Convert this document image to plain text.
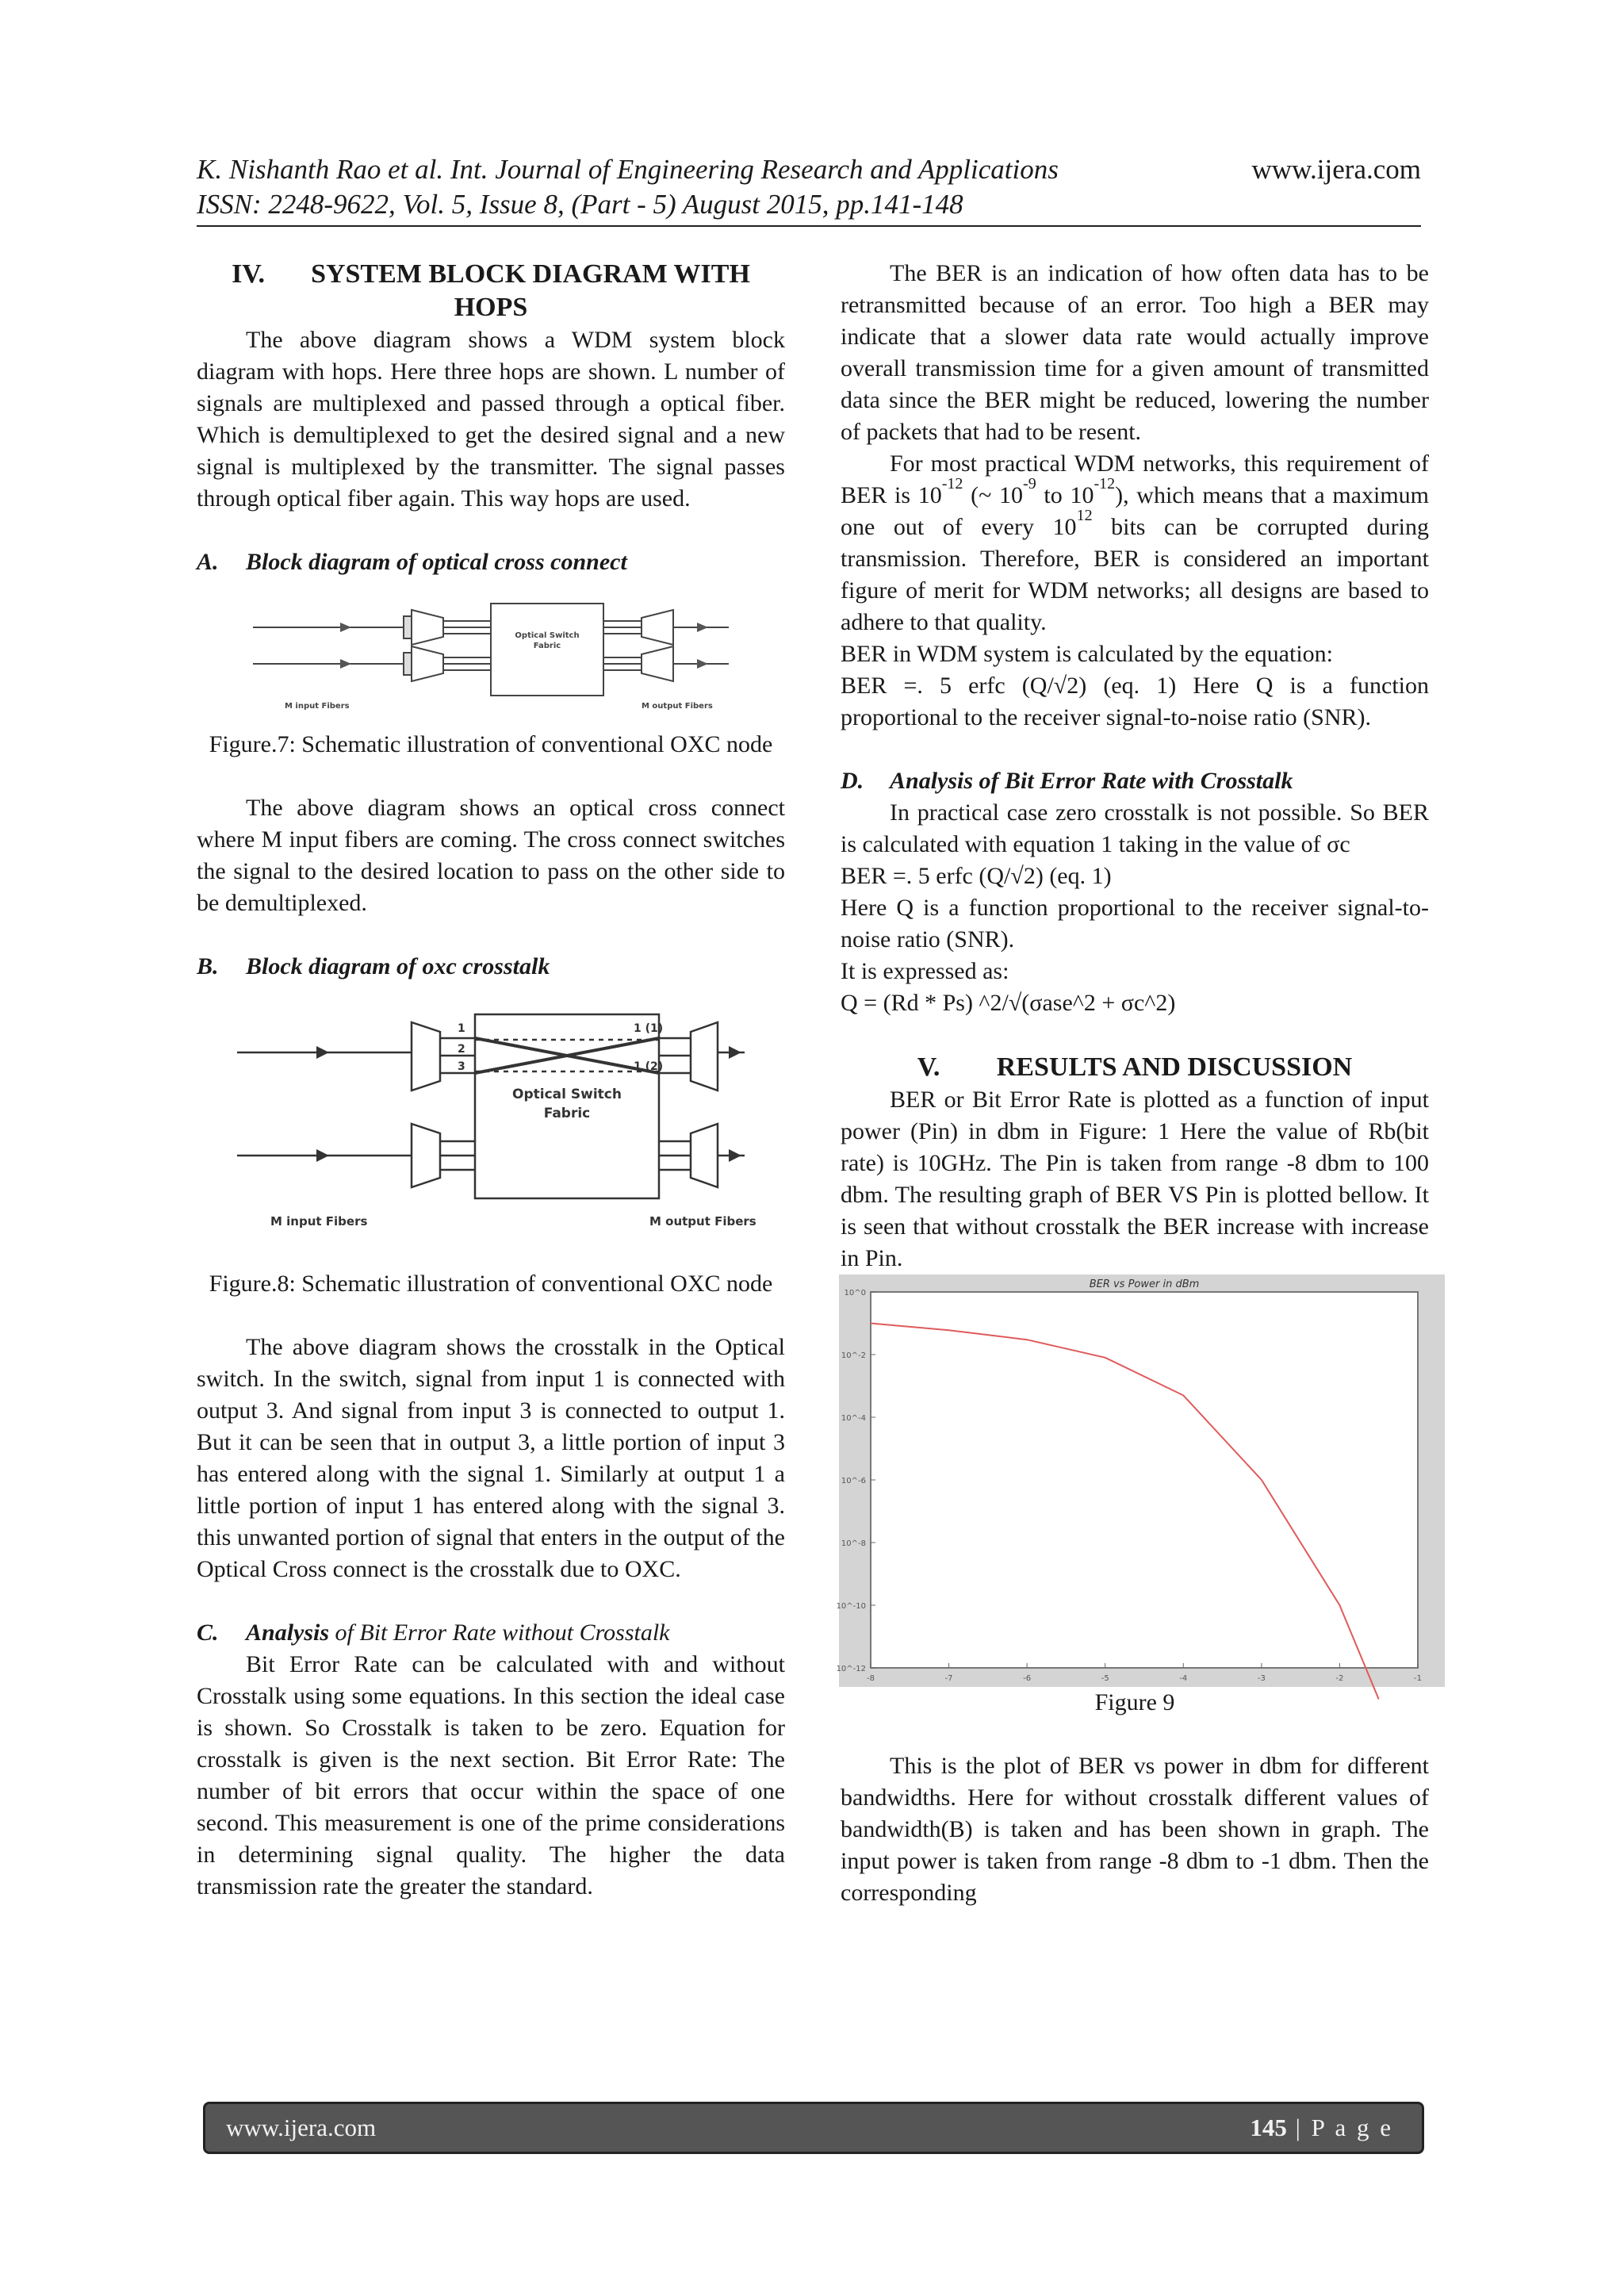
K. Nishanth Rao et al. Int. Journal of Engineering Research and Applications
ISSN: 2248-9622, Vol. 5, Issue 8, (Part - 5) August 2015, pp.141-148
www.ijera.com
IV. SYSTEM BLOCK DIAGRAM WITH
HOPS

The above diagram shows a WDM system block diagram with hops. Here three hops are shown. L number of signals are multiplexed and passed through a optical fiber. Which is demultiplexed to get the desired signal and a new signal is multiplexed by the transmitter. The signal passes through optical fiber again. This way hops are used.

A. Block diagram of optical cross connect

Optical Switch
Fabric
M input Fibers	M output Fibers

Figure.7: Schematic illustration of conventional OXC node

The above diagram shows an optical cross connect where M input fibers are coming. The cross connect switches the signal to the desired location to pass on the other side to be demultiplexed.

B. Block diagram of oxc crosstalk

1
2
3
1 (1)
1 (2)
Optical Switch
Fabric
M input Fibers	M output Fibers

Figure.8: Schematic illustration of conventional OXC node

The above diagram shows the crosstalk in the Optical switch. In the switch, signal from input 1 is connected with output 3. And signal from input 3 is connected to output 1. But it can be seen that in output 3, a little portion of input 3 has entered along with the signal 1. Similarly at output 1 a little portion of input 1 has entered along with the signal 3. this unwanted portion of signal that enters in the output of the Optical Cross connect is the crosstalk due to OXC.

C. Analysis of Bit Error Rate without Crosstalk

Bit Error Rate can be calculated with and without Crosstalk using some equations. In this section the ideal case is shown. So Crosstalk is taken to be zero. Equation for crosstalk is given is the next section. Bit Error Rate: The number of bit errors that occur within the space of one second. This measurement is one of the prime considerations in determining signal quality. The higher the data transmission rate the greater the standard.

The BER is an indication of how often data has to be retransmitted because of an error. Too high a BER may indicate that a slower data rate would actually improve overall transmission time for a given amount of transmitted data since the BER might be reduced, lowering the number of packets that had to be resent.

For most practical WDM networks, this requirement of BER is $10^{-12}$ (~ $10^{-9}$ to $10^{-12}$), which means that a maximum one out of every $10^{12}$ bits can be corrupted during transmission. Therefore, BER is considered an important figure of merit for WDM networks; all designs are based to adhere to that quality.

BER in WDM system is calculated by the equation:

BER =. 5 erfc (Q/√2) (eq. 1) Here Q is a function proportional to the receiver signal-to-noise ratio (SNR).

D. Analysis of Bit Error Rate with Crosstalk

In practical case zero crosstalk is not possible. So BER is calculated with equation 1 taking in the value of σc

BER =. 5 erfc (Q/√2) (eq. 1)

Here Q is a function proportional to the receiver signal-to-noise ratio (SNR).

It is expressed as:

Q = (Rd * Ps) ^2/√(σase^2 + σc^2)

V. RESULTS AND DISCUSSION

BER or Bit Error Rate is plotted as a function of input power (Pin) in dbm in Figure: 1 Here the value of Rb(bit rate) is 10GHz. The Pin is taken from range -8 dbm to 100 dbm. The resulting graph of BER VS Pin is plotted bellow. It is seen that without crosstalk the BER increase with increase in Pin.

BER vs Power in dBm
10^0
10^-2
10^-4
10^-6
10^-8
10^-10
10^-12
-8	-7	-6	-5	-4	-3	-2	-1

Figure 9

This is the plot of BER vs power in dbm for different bandwidths. Here for without crosstalk different values of bandwidth(B) is taken and has been shown in graph. The input power is taken from range -8 dbm to -1 dbm. Then the corresponding

www.ijera.com	145 | P a g e
